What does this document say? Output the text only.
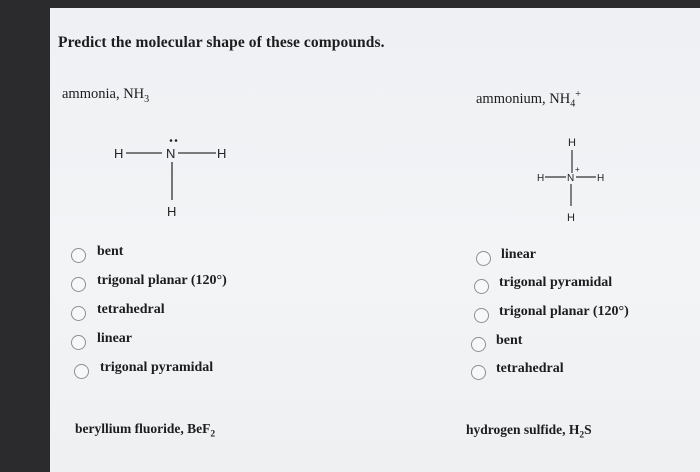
Predict the molecular shape of these compounds.
ammonia, $NH_3$	ammonium, $NH_4^+$
H	N	H
H
H
H N
+
H
H
bent
trigonal planar (120°)
tetrahedral
linear
trigonal pyramidal
linear
trigonal pyramidal
trigonal planar (120°)
bent
tetrahedral
beryllium fluoride, BeF$_2$	hydrogen sulfide, $H_2S$
